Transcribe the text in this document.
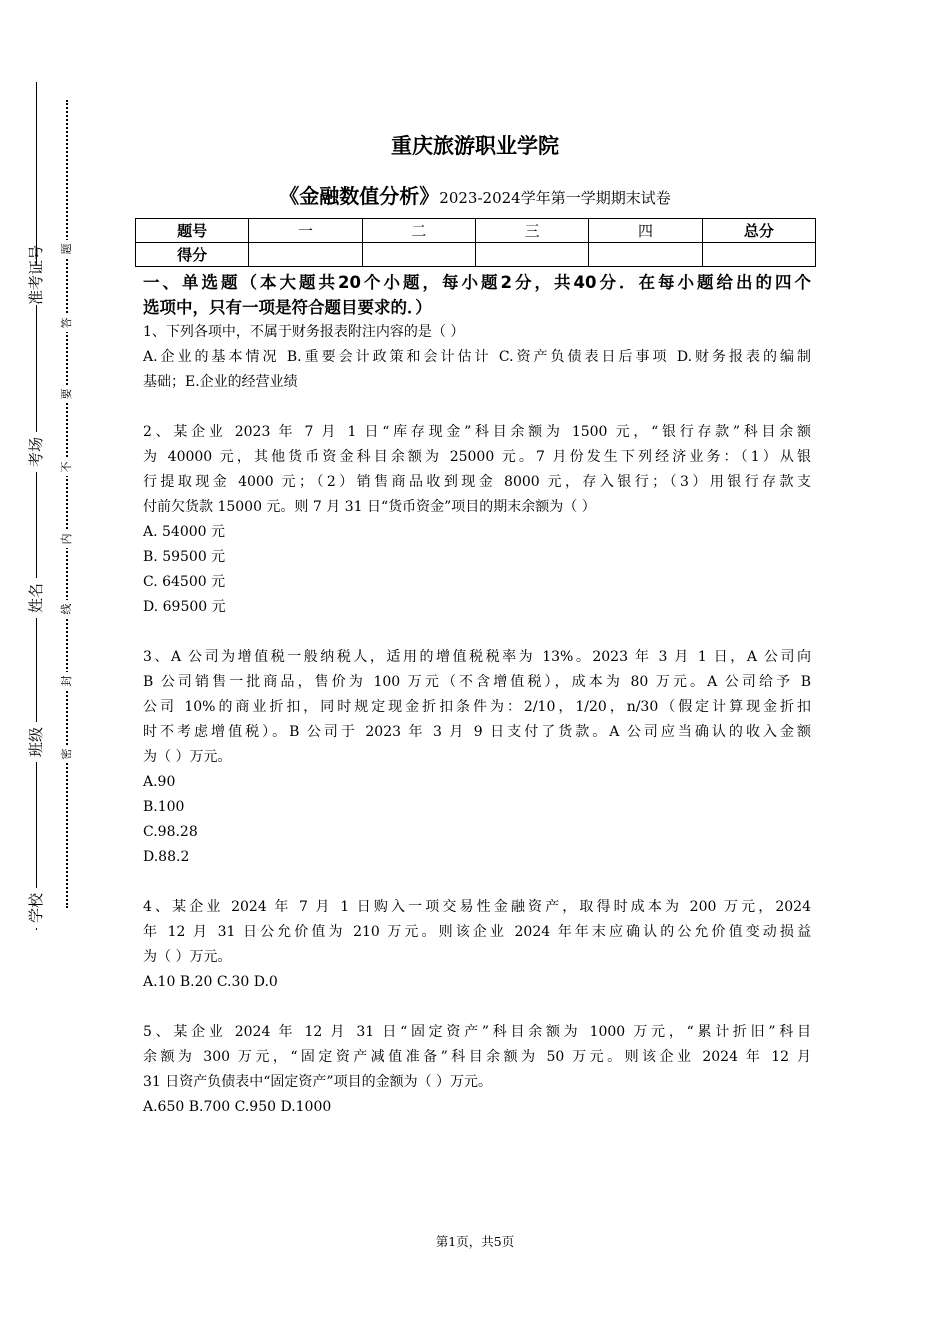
准考证号
考场
姓名
班级
学校
题
答
要
不
内
线
封
密
重庆旅游职业学院
《金融数值分析》2023-2024学年第一学期期末试卷
题号	一	二	三	四	总分
得分					

一、单选题（本大题共20个小题，每小题2分，共40分．在每小题给出的四个

选项中，只有一项是符合题目要求的．）

1、下列各项中，不属于财务报表附注内容的是（ ）

A.企业的基本情况 B.重要会计政策和会计估计 C.资产负债表日后事项 D.财务报表的编制

基础；E.企业的经营业绩

2、某企业 2023 年 7 月 1 日“库存现金”科目余额为 1500 元，“银行存款”科目余额

为 40000 元，其他货币资金科目余额为 25000 元。7 月份发生下列经济业务：（1）从银

行提取现金 4000 元；（2）销售商品收到现金 8000 元，存入银行；（3）用银行存款支

付前欠货款 15000 元。则 7 月 31 日“货币资金”项目的期末余额为（ ）

A. 54000 元

B. 59500 元

C. 64500 元

D. 69500 元

3、A 公司为增值税一般纳税人，适用的增值税税率为 13%。2023 年 3 月 1 日，A 公司向

B 公司销售一批商品，售价为 100 万元（不含增值税），成本为 80 万元。A 公司给予 B

公司 10%的商业折扣，同时规定现金折扣条件为：2/10，1/20，n/30（假定计算现金折扣

时不考虑增值税）。B 公司于 2023 年 3 月 9 日支付了货款。A 公司应当确认的收入金额

为（ ）万元。

A.90

B.100

C.98.28

D.88.2

4、某企业 2024 年 7 月 1 日购入一项交易性金融资产，取得时成本为 200 万元，2024

年 12 月 31 日公允价值为 210 万元。则该企业 2024 年年末应确认的公允价值变动损益

为（ ）万元。

A.10 B.20 C.30 D.0

5、某企业 2024 年 12 月 31 日“固定资产”科目余额为 1000 万元，“累计折旧”科目

余额为 300 万元，“固定资产减值准备”科目余额为 50 万元。则该企业 2024 年 12 月

31 日资产负债表中“固定资产”项目的金额为（ ）万元。

A.650 B.700 C.950 D.1000

第1页，共5页
